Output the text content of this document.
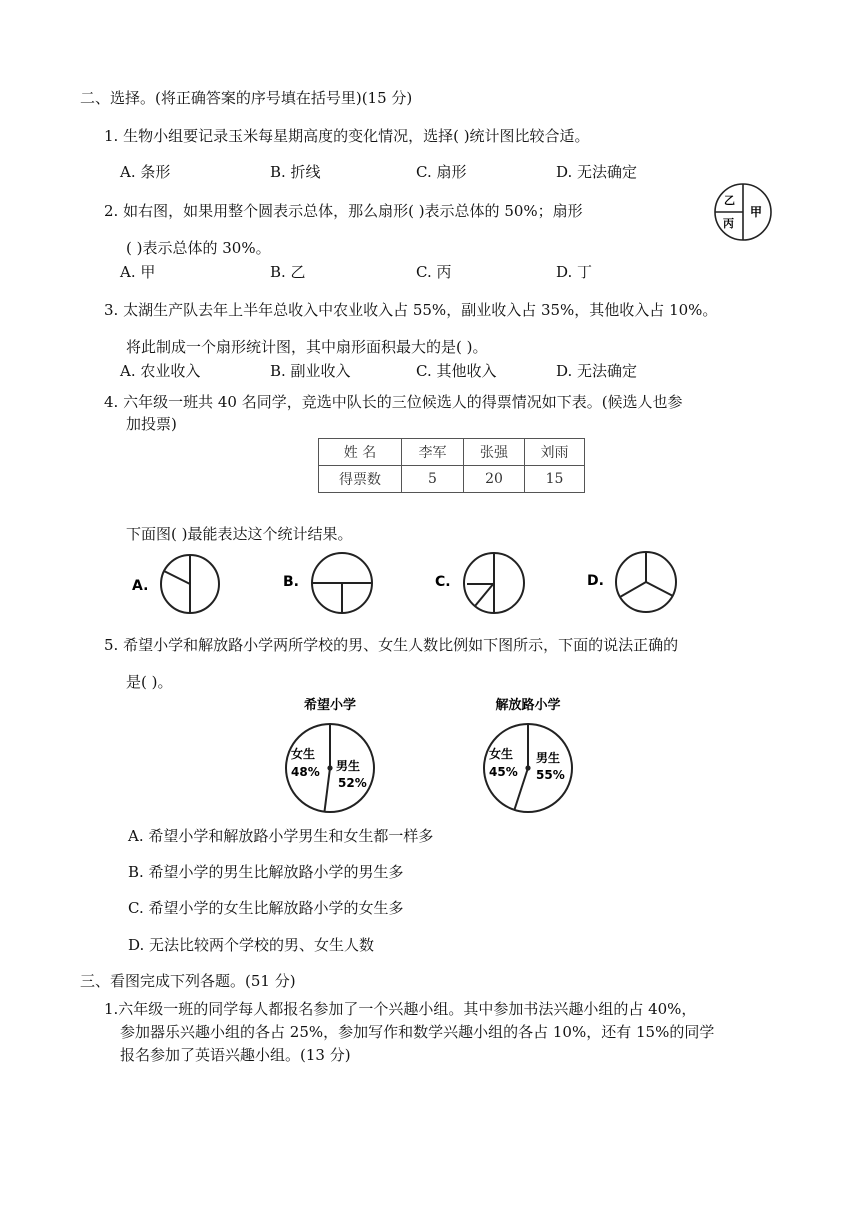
二、选择。(将正确答案的序号填在括号里)(15 分)
1. 生物小组要记录玉米每星期高度的变化情况，选择( )统计图比较合适。
A. 条形	B. 折线	C. 扇形	D. 无法确定
2. 如右图，如果用整个圆表示总体，那么扇形( )表示总体的 50%；扇形
( )表示总体的 30%。
A. 甲	B. 乙	C. 丙	D. 丁
乙
丙
甲
3. 太湖生产队去年上半年总收入中农业收入占 55%，副业收入占 35%，其他收入占 10%。
将此制成一个扇形统计图，其中扇形面积最大的是( )。
A. 农业收入	B. 副业收入	C. 其他收入	D. 无法确定
4. 六年级一班共 40 名同学，竞选中队长的三位候选人的得票情况如下表。(候选人也参
加投票)
姓 名	李军	张强	刘雨
得票数	5	20	15
下面图( )最能表达这个统计结果。
A.	B.	C.	D.
5. 希望小学和解放路小学两所学校的男、女生人数比例如下图所示，下面的说法正确的
是( )。
希望小学
女生
48% 男生
52%
解放路小学
女生
45%
男生
55%
A. 希望小学和解放路小学男生和女生都一样多
B. 希望小学的男生比解放路小学的男生多
C. 希望小学的女生比解放路小学的女生多
D. 无法比较两个学校的男、女生人数
三、看图完成下列各题。(51 分)
1.六年级一班的同学每人都报名参加了一个兴趣小组。其中参加书法兴趣小组的占 40%，
参加器乐兴趣小组的各占 25%，参加写作和数学兴趣小组的各占 10%，还有 15%的同学
报名参加了英语兴趣小组。(13 分)
